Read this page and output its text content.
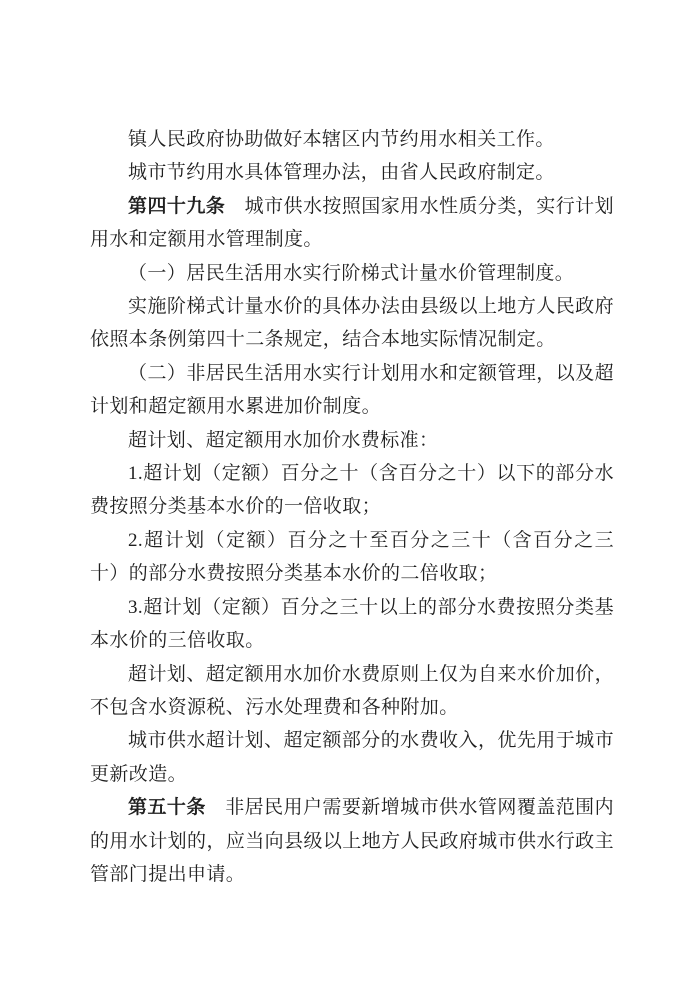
镇人民政府协助做好本辖区内节约用水相关工作。

城市节约用水具体管理办法，由省人民政府制定。

第四十九条　城市供水按照国家用水性质分类，实行计划用水和定额用水管理制度。

（一）居民生活用水实行阶梯式计量水价管理制度。

实施阶梯式计量水价的具体办法由县级以上地方人民政府依照本条例第四十二条规定，结合本地实际情况制定。

（二）非居民生活用水实行计划用水和定额管理，以及超计划和超定额用水累进加价制度。

超计划、超定额用水加价水费标准：

1.超计划（定额）百分之十（含百分之十）以下的部分水费按照分类基本水价的一倍收取；

2.超计划（定额）百分之十至百分之三十（含百分之三十）的部分水费按照分类基本水价的二倍收取；

3.超计划（定额）百分之三十以上的部分水费按照分类基本水价的三倍收取。

超计划、超定额用水加价水费原则上仅为自来水价加价，不包含水资源税、污水处理费和各种附加。

城市供水超计划、超定额部分的水费收入，优先用于城市更新改造。

第五十条　非居民用户需要新增城市供水管网覆盖范围内的用水计划的，应当向县级以上地方人民政府城市供水行政主管部门提出申请。
